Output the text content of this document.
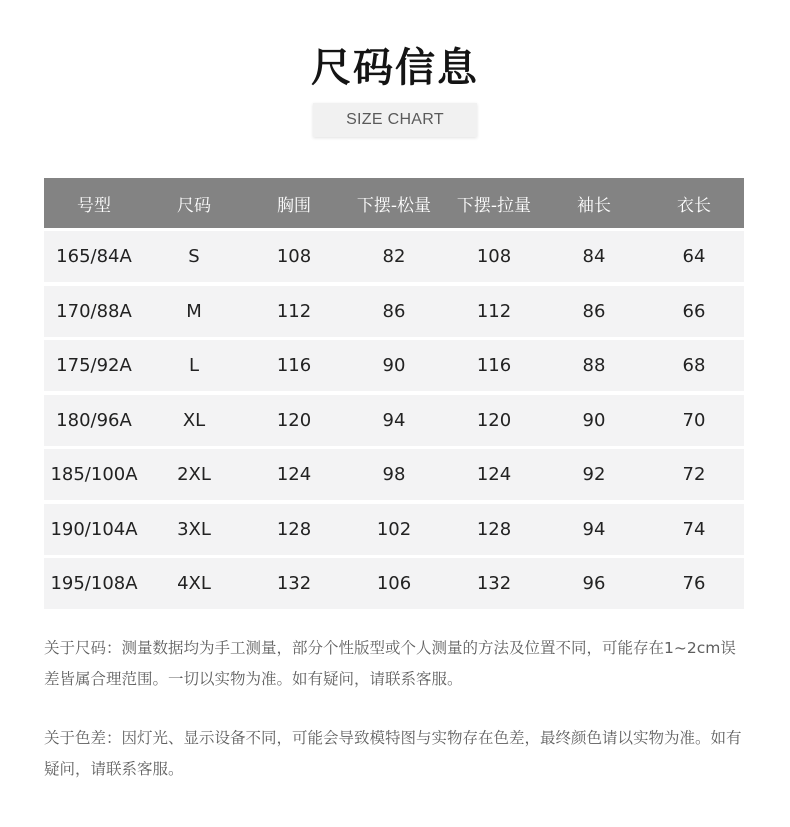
尺码信息
SIZE CHART
号型	尺码	胸围	下摆-松量	下摆-拉量	袖长	衣长
165/84A	S	108	82	108	84	64
170/88A	M	112	86	112	86	66
175/92A	L	116	90	116	88	68
180/96A	XL	120	94	120	90	70
185/100A	2XL	124	98	124	92	72
190/104A	3XL	128	102	128	94	74
195/108A	4XL	132	106	132	96	76
关于尺码：测量数据均为手工测量，部分个性版型或个人测量的方法及位置不同，可能存在1~2cm误差皆属合理范围。一切以实物为准。如有疑问，请联系客服。
关于色差：因灯光、显示设备不同，可能会导致模特图与实物存在色差，最终颜色请以实物为准。如有疑问，请联系客服。
